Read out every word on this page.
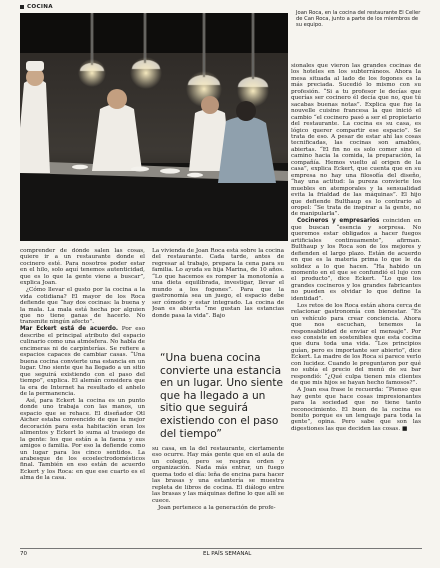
COCINA
Joan Roca, en la cocina del restaurante El Celler de Can Roca, junto a parte de los miembros de su equipo.

comprender de dónde salen las cosas, quiere ir a un restaurante donde el cocinero esté. Para nosotros poder estar en el hilo, solo aquí tenemos autenticidad, que es lo que la gente viene a buscar”, explica Joan.

¿Cómo llevar el gusto por la cocina a la vida cotidiana? El mayor de los Roca defiende que “hay dos cocinas: la buena y la mala. La mala está hecha por alguien que no tiene ganas de hacerlo. No transmite ningún afecto”.

Mar Eckert está de acuerdo. Por eso describe el principal atributo del espacio culinario como una atmósfera. No habla de encimeras ni de carpinterías. Se refiere a espacios capaces de cambiar casas. “Una buena cocina convierte una estancia en un lugar. Uno siente que ha llegado a un sitio que seguirá existiendo con el paso del tiempo”, explica. El alemán considera que la era de Internet ha resultado el anhelo de la permanencia.

Así, para Eckert la cocina es un punto donde uno trabaja con las manos, un espacio que se rehace. El diseñador Otl Aicher estaba convencido de que la mejor decoración para esta habitación eran los alimentos y Eckert lo suma al trasiego de la gente: los que están a la faena y sus amigos o familia. Por eso la defiende como un lugar para los cinco sentidos. La arabesque de los ecoelectrodomésticos final. También en eso están de acuerdo Eckert y los Roca: en que ese cuarto es el alma de la casa.

La vivienda de Joan Roca está sobre la cocina del restaurante. Cada tarde, antes de regresar al trabajo, prepara la cena para su familia. Lo ayuda su hija Marina, de 10 años. “Lo que hacemos es romper la monotonía a una dieta equilibrada, investigar, llevar el mundo a los fogones”. Para que la gastronomía sea un juego, el espacio debe ser cómodo y estar integrado. La cocina de Joan es abierta “me gustan las estancias donde pasa la vida”. Bajo

“Una buena cocina convierte una estancia en un lugar. Uno siente que ha llegado a un sitio que seguirá existiendo con el paso del tiempo”

su casa, en la del restaurante, ciertamente eso ocurre. Hay más gente que en el aula de un colegio, pero se respira orden y organización. Nada más entrar, un fuego quema todo el día: leña de encina para hacer las brasas y una estantería se muestra repleta de libros de cocina. El diálogo entre las brasas y las máquinas define lo que allí se cuece.

Joan pertenece a la generación de profe-

sionales que vieron las grandes cocinas de los hoteles en los subterráneos. Ahora la mesa situada al lado de los fogones es la más preciada. Sucedió lo mismo con su profesión. “Si a tu profesor le decías que querías ser cocinero él decía que no, que tú sacabas buenas notas”. Explica que fue la nouvelle cuisine francesa la que inició el cambio “el cocinero pasó a ser el propietario del restaurante. La cocina es su casa, es lógico querer compartir ese espacio”. Se trata de eso. A pesar de estar ahí las cosas tecnificadas, las cocinas son amables, abiertas. “El fin no es solo comer sino el camino hacia la comida, la preparación, la compañía. Hemos vuelto al origen de la casa”, explica Eckert, que cuenta que en su empresa no hay una filosofía del diseño, “hay una actitud: la pureza convierte los muebles en atemporales y la sensualidad evita la frialdad de las máquinas”. El hijo que defiende Bulthaup es lo contrario al oropel: “Se trata de inspirar a la gente, no de manipularla”.

Cocineros y empresarios coinciden en que buscan “esencia y sorpresa. No queremos estar obligados a hacer fuegos artificiales continuamente”, afirman. Bulthaup y los Roca son de los mejores y defienden el largo plazo. Están de acuerdo en que es la materia prima lo que le da solidez a lo que hacen. “Ha habido un momento en el que se confundió el lujo con el producto”, dice Eckert. “Lo que los grandes cocineros y los grandes fabricantes no pueden es olvidar lo que define la identidad”.

Los retos de los Roca están ahora cerca de relacionar gastronomía con bienestar. “Es un vehículo para crear conciencia. Ahora que nos escuchan, tenemos la responsabilidad de enviar el mensaje”. Por eso consiste en sostenibles que esta cocina que dura toda una vida. “Los principios guían, pero es importante ser abierto”, dice Eckert. La madre de los Roca sí parece verlo con lucidez. Cuando le preguntaron por qué no subía el precio del menú de su bar respondió: “¿Qué culpa tienen mis clientes de que mis hijos se hayan hecho famosos?”.

A Joan esa frase le recuerda: “Pienso que hay gente que hace cosas impresionantes para la sociedad que no tiene tanto reconocimiento. El buen de la cocina es bonito porque es un lenguaje para toda la gente”, opina. Pero sabe que son las digestiones las que deciden las cosas. ■

70	EL PAÍS SEMANAL
